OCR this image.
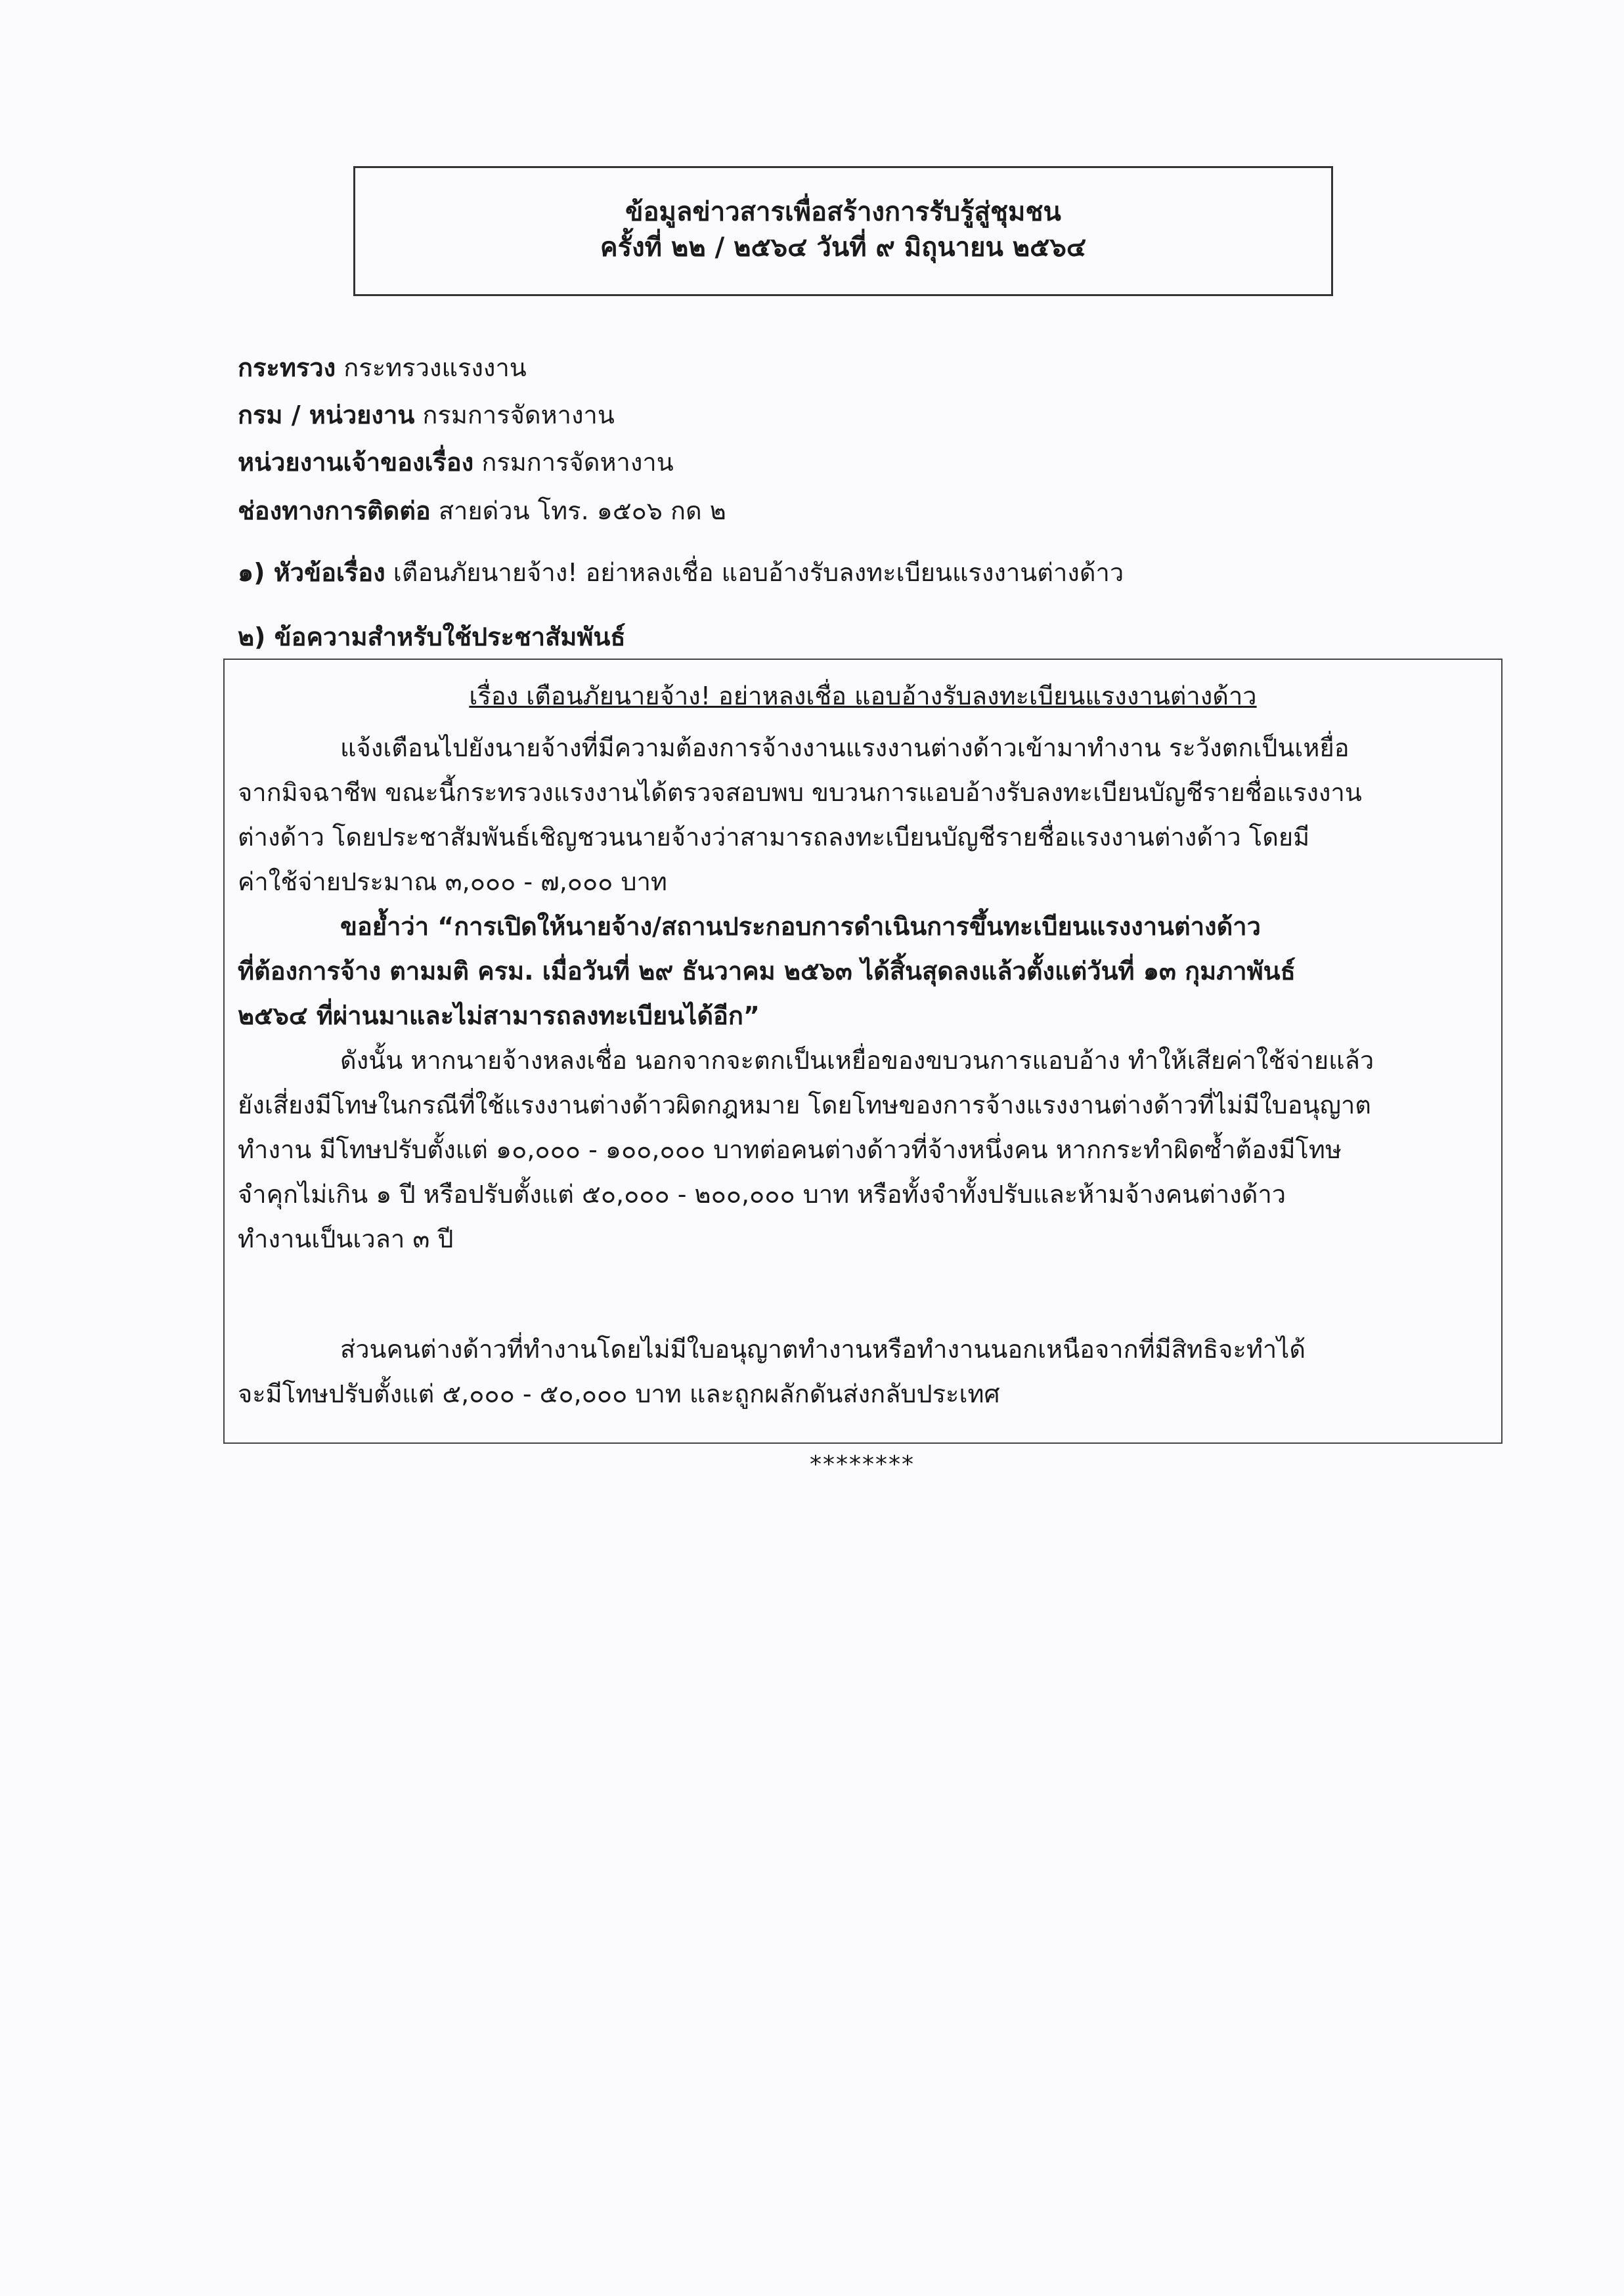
ข้อมูลข่าวสารเพื่อสร้างการรับรู้สู่ชุมชน
ครั้งที่ ๒๒ / ๒๕๖๔ วันที่ ๙ มิถุนายน ๒๕๖๔
กระทรวง กระทรวงแรงงาน
กรม / หน่วยงาน กรมการจัดหางาน
หน่วยงานเจ้าของเรื่อง กรมการจัดหางาน
ช่องทางการติดต่อ สายด่วน โทร. ๑๕๐๖ กด ๒
๑) หัวข้อเรื่อง เตือนภัยนายจ้าง! อย่าหลงเชื่อ แอบอ้างรับลงทะเบียนแรงงานต่างด้าว
๒) ข้อความสำหรับใช้ประชาสัมพันธ์
เรื่อง เตือนภัยนายจ้าง! อย่าหลงเชื่อ แอบอ้างรับลงทะเบียนแรงงานต่างด้าว
แจ้งเตือนไปยังนายจ้างที่มีความต้องการจ้างงานแรงงานต่างด้าวเข้ามาทำงาน ระวังตกเป็นเหยื่อ
จากมิจฉาชีพ ขณะนี้กระทรวงแรงงานได้ตรวจสอบพบ ขบวนการแอบอ้างรับลงทะเบียนบัญชีรายชื่อแรงงาน
ต่างด้าว โดยประชาสัมพันธ์เชิญชวนนายจ้างว่าสามารถลงทะเบียนบัญชีรายชื่อแรงงานต่างด้าว โดยมี
ค่าใช้จ่ายประมาณ ๓,๐๐๐ - ๗,๐๐๐ บาท
ขอย้ำว่า “การเปิดให้นายจ้าง/สถานประกอบการดำเนินการขึ้นทะเบียนแรงงานต่างด้าว
ที่ต้องการจ้าง ตามมติ ครม. เมื่อวันที่ ๒๙ ธันวาคม ๒๕๖๓ ได้สิ้นสุดลงแล้วตั้งแต่วันที่ ๑๓ กุมภาพันธ์
๒๕๖๔ ที่ผ่านมาและไม่สามารถลงทะเบียนได้อีก”
ดังนั้น หากนายจ้างหลงเชื่อ นอกจากจะตกเป็นเหยื่อของขบวนการแอบอ้าง ทำให้เสียค่าใช้จ่ายแล้ว
ยังเสี่ยงมีโทษในกรณีที่ใช้แรงงานต่างด้าวผิดกฎหมาย โดยโทษของการจ้างแรงงานต่างด้าวที่ไม่มีใบอนุญาต
ทำงาน มีโทษปรับตั้งแต่ ๑๐,๐๐๐ - ๑๐๐,๐๐๐ บาทต่อคนต่างด้าวที่จ้างหนึ่งคน หากกระทำผิดซ้ำต้องมีโทษ
จำคุกไม่เกิน ๑ ปี หรือปรับตั้งแต่ ๕๐,๐๐๐ - ๒๐๐,๐๐๐ บาท หรือทั้งจำทั้งปรับและห้ามจ้างคนต่างด้าว
ทำงานเป็นเวลา ๓ ปี
ส่วนคนต่างด้าวที่ทำงานโดยไม่มีใบอนุญาตทำงานหรือทำงานนอกเหนือจากที่มีสิทธิจะทำได้
จะมีโทษปรับตั้งแต่ ๕,๐๐๐ - ๕๐,๐๐๐ บาท และถูกผลักดันส่งกลับประเทศ
********
